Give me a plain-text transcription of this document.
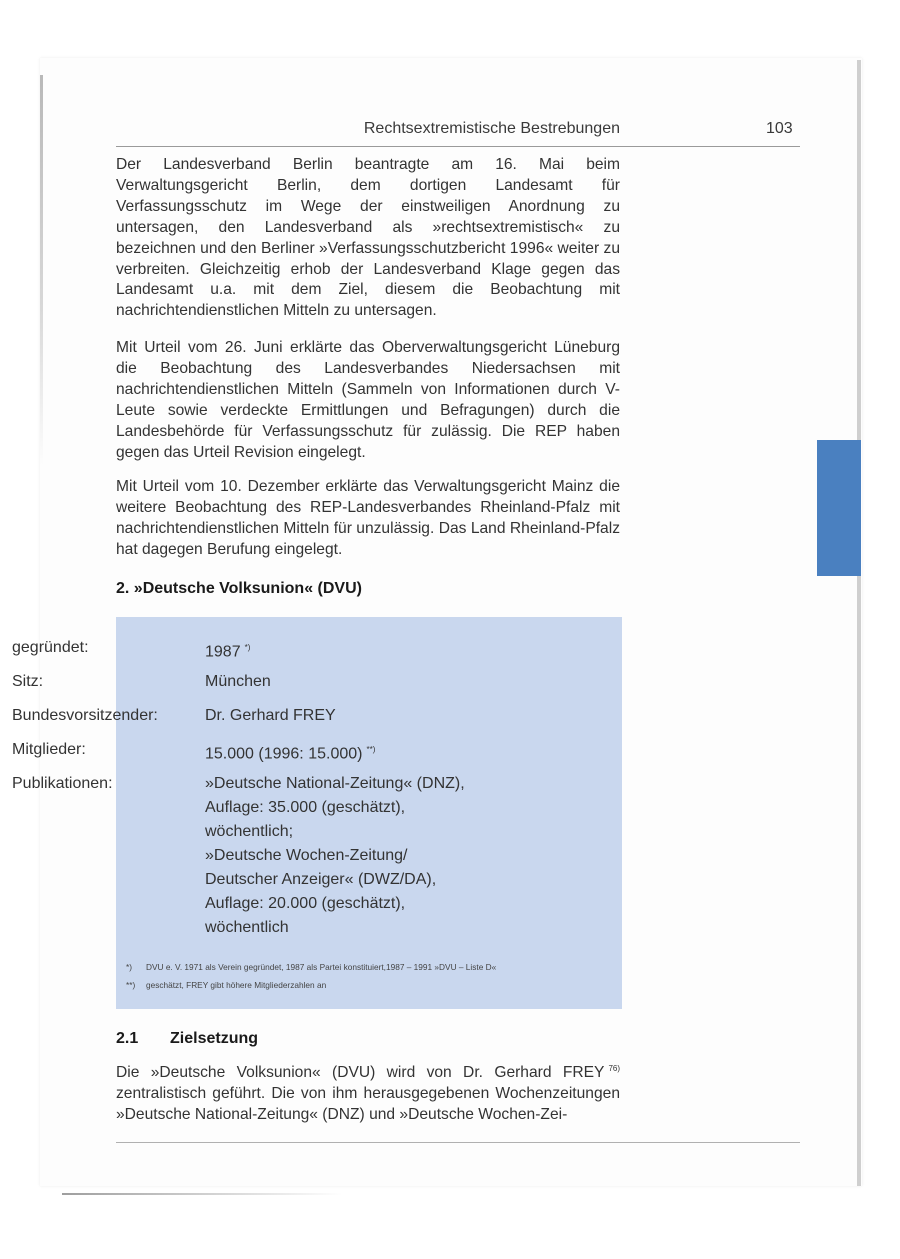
Rechtsextremistische Bestrebungen	103

Der Landesverband Berlin beantragte am 16. Mai beim Verwaltungsgericht Berlin, dem dortigen Landesamt für Verfassungsschutz im Wege der einstweiligen Anordnung zu untersagen, den Landesverband als »rechtsextremistisch« zu bezeichnen und den Berliner »Verfassungsschutzbericht 1996« weiter zu verbreiten. Gleichzeitig erhob der Landesverband Klage gegen das Landesamt u.a. mit dem Ziel, diesem die Beobachtung mit nachrichtendienstlichen Mitteln zu untersagen.

Mit Urteil vom 26. Juni erklärte das Oberverwaltungsgericht Lüneburg die Beobachtung des Landesverbandes Niedersachsen mit nachrichtendienstlichen Mitteln (Sammeln von Informationen durch V-Leute sowie verdeckte Ermittlungen und Befragungen) durch die Landesbehörde für Verfassungsschutz für zulässig. Die REP haben gegen das Urteil Revision eingelegt.

Mit Urteil vom 10. Dezember erklärte das Verwaltungsgericht Mainz die weitere Beobachtung des REP-Landesverbandes Rheinland-Pfalz mit nachrichtendienstlichen Mitteln für unzulässig. Das Land Rheinland-Pfalz hat dagegen Berufung eingelegt.

2. »Deutsche Volksunion« (DVU)
gegründet:	1987 *)
Sitz:	München
Bundesvorsitzender:	Dr. Gerhard FREY
Mitglieder:	15.000 (1996: 15.000) **)
Publikationen:	»Deutsche National-Zeitung« (DNZ),
Auflage: 35.000 (geschätzt),
wöchentlich;
»Deutsche Wochen-Zeitung/
Deutscher Anzeiger« (DWZ/DA),
Auflage: 20.000 (geschätzt),
wöchentlich
*) DVU e. V. 1971 als Verein gegründet, 1987 als Partei konstituiert,1987 – 1991 »DVU – Liste D«
**) geschätzt, FREY gibt höhere Mitgliederzahlen an
2.1 Zielsetzung

Die »Deutsche Volksunion« (DVU) wird von Dr. Gerhard FREY $^{76)}$ zentralistisch geführt. Die von ihm herausgegebenen Wochenzeitungen »Deutsche National-Zeitung« (DNZ) und »Deutsche Wochen-Zei-
